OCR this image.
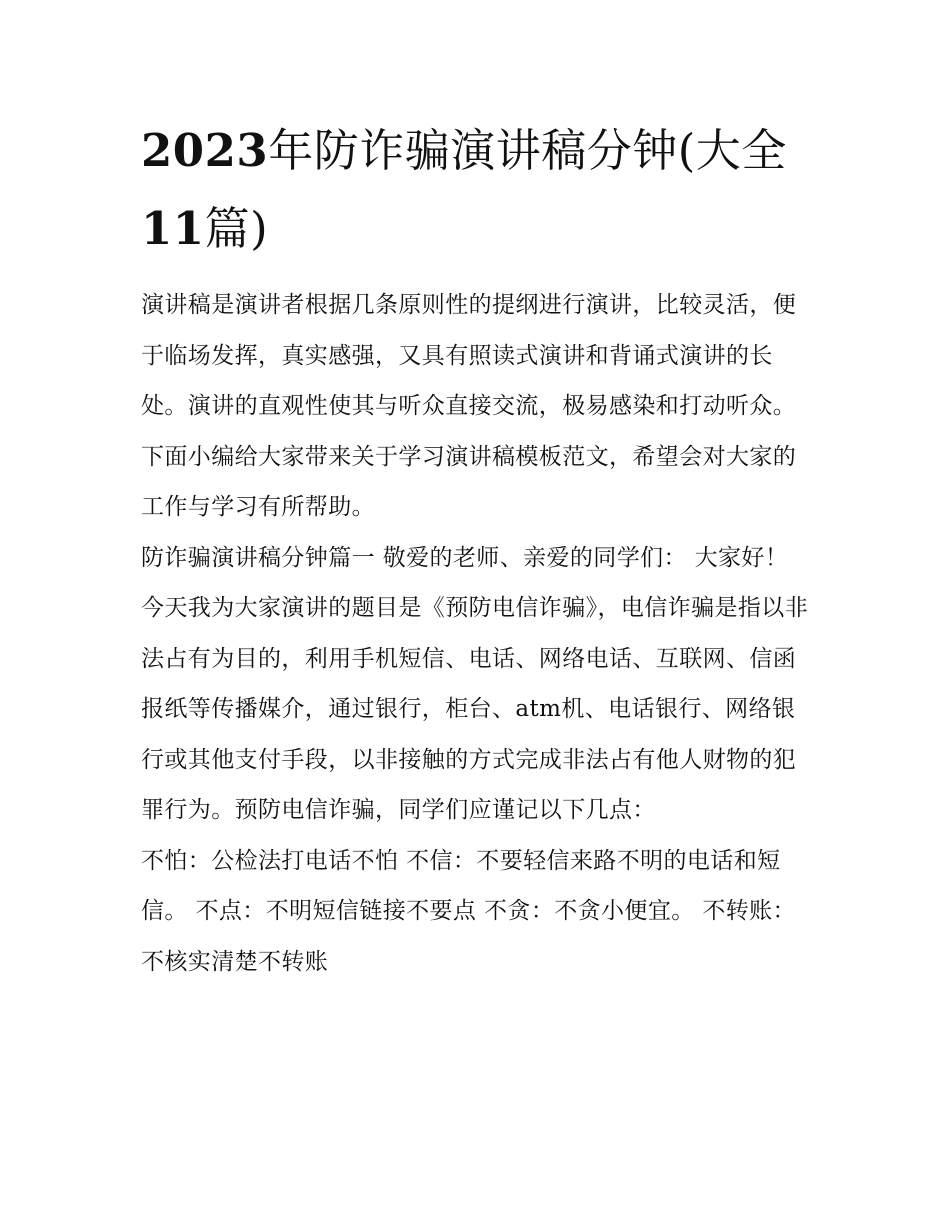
2023年防诈骗演讲稿分钟(大全11篇)

演讲稿是演讲者根据几条原则性的提纲进行演讲，比较灵活，便于临场发挥，真实感强，又具有照读式演讲和背诵式演讲的长处。演讲的直观性使其与听众直接交流，极易感染和打动听众。下面小编给大家带来关于学习演讲稿模板范文，希望会对大家的工作与学习有所帮助。

防诈骗演讲稿分钟篇一 敬爱的老师、亲爱的同学们： 大家好！

今天我为大家演讲的题目是《预防电信诈骗》，电信诈骗是指以非法占有为目的，利用手机短信、电话、网络电话、互联网、信函报纸等传播媒介，通过银行，柜台、atm机、电话银行、网络银行或其他支付手段，以非接触的方式完成非法占有他人财物的犯罪行为。预防电信诈骗，同学们应谨记以下几点：

不怕：公检法打电话不怕 不信：不要轻信来路不明的电话和短信。 不点：不明短信链接不要点 不贪：不贪小便宜。 不转账：不核实清楚不转账
